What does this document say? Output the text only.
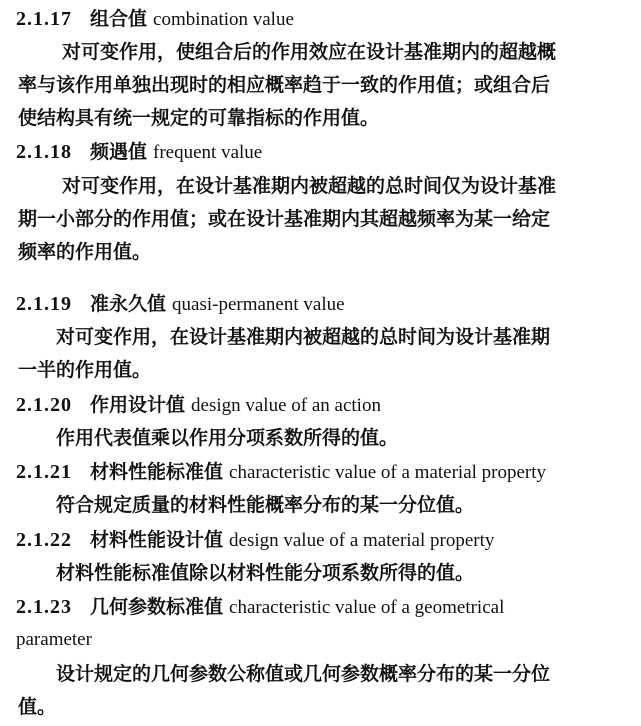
2.1.17 组合值 combination value
对可变作用，使组合后的作用效应在设计基准期内的超越概
率与该作用单独出现时的相应概率趋于一致的作用值；或组合后
使结构具有统一规定的可靠指标的作用值。
2.1.18 频遇值 frequent value
对可变作用，在设计基准期内被超越的总时间仅为设计基准
期一小部分的作用值；或在设计基准期内其超越频率为某一给定
频率的作用值。
2.1.19 准永久值 quasi-permanent value
对可变作用，在设计基准期内被超越的总时间为设计基准期
一半的作用值。
2.1.20 作用设计值 design value of an action
作用代表值乘以作用分项系数所得的值。
2.1.21 材料性能标准值 characteristic value of a material property
符合规定质量的材料性能概率分布的某一分位值。
2.1.22 材料性能设计值 design value of a material property
材料性能标准值除以材料性能分项系数所得的值。
2.1.23 几何参数标准值 characteristic value of a geometrical
parameter
设计规定的几何参数公称值或几何参数概率分布的某一分位
值。
